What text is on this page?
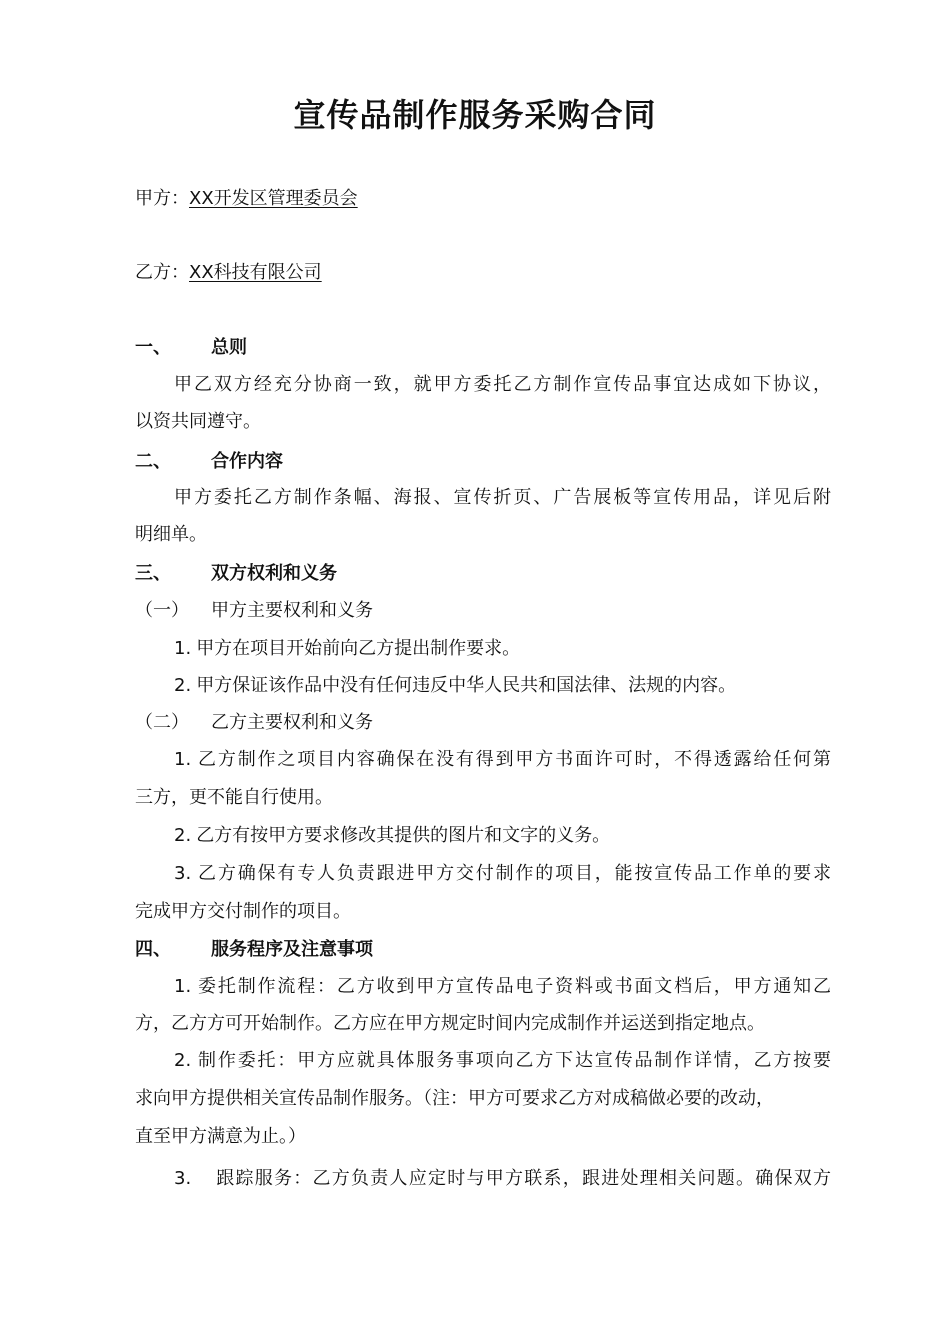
宣传品制作服务采购合同
甲方：XX开发区管理委员会
乙方：XX科技有限公司
一、 总则
甲乙双方经充分协商一致，就甲方委托乙方制作宣传品事宜达成如下协议，
以资共同遵守。
二、 合作内容
甲方委托乙方制作条幅、海报、宣传折页、广告展板等宣传用品，详见后附
明细单。
三、 双方权利和义务
（一） 甲方主要权利和义务
1. 甲方在项目开始前向乙方提出制作要求。
2. 甲方保证该作品中没有任何违反中华人民共和国法律、法规的内容。
（二） 乙方主要权利和义务
1. 乙方制作之项目内容确保在没有得到甲方书面许可时，不得透露给任何第
三方，更不能自行使用。
2. 乙方有按甲方要求修改其提供的图片和文字的义务。
3. 乙方确保有专人负责跟进甲方交付制作的项目，能按宣传品工作单的要求
完成甲方交付制作的项目。
四、 服务程序及注意事项
1. 委托制作流程：乙方收到甲方宣传品电子资料或书面文档后，甲方通知乙
方，乙方方可开始制作。乙方应在甲方规定时间内完成制作并运送到指定地点。
2. 制作委托：甲方应就具体服务事项向乙方下达宣传品制作详情，乙方按要
求向甲方提供相关宣传品制作服务。（注：甲方可要求乙方对成稿做必要的改动，
直至甲方满意为止。）
3. 跟踪服务：乙方负责人应定时与甲方联系，跟进处理相关问题。确保双方
